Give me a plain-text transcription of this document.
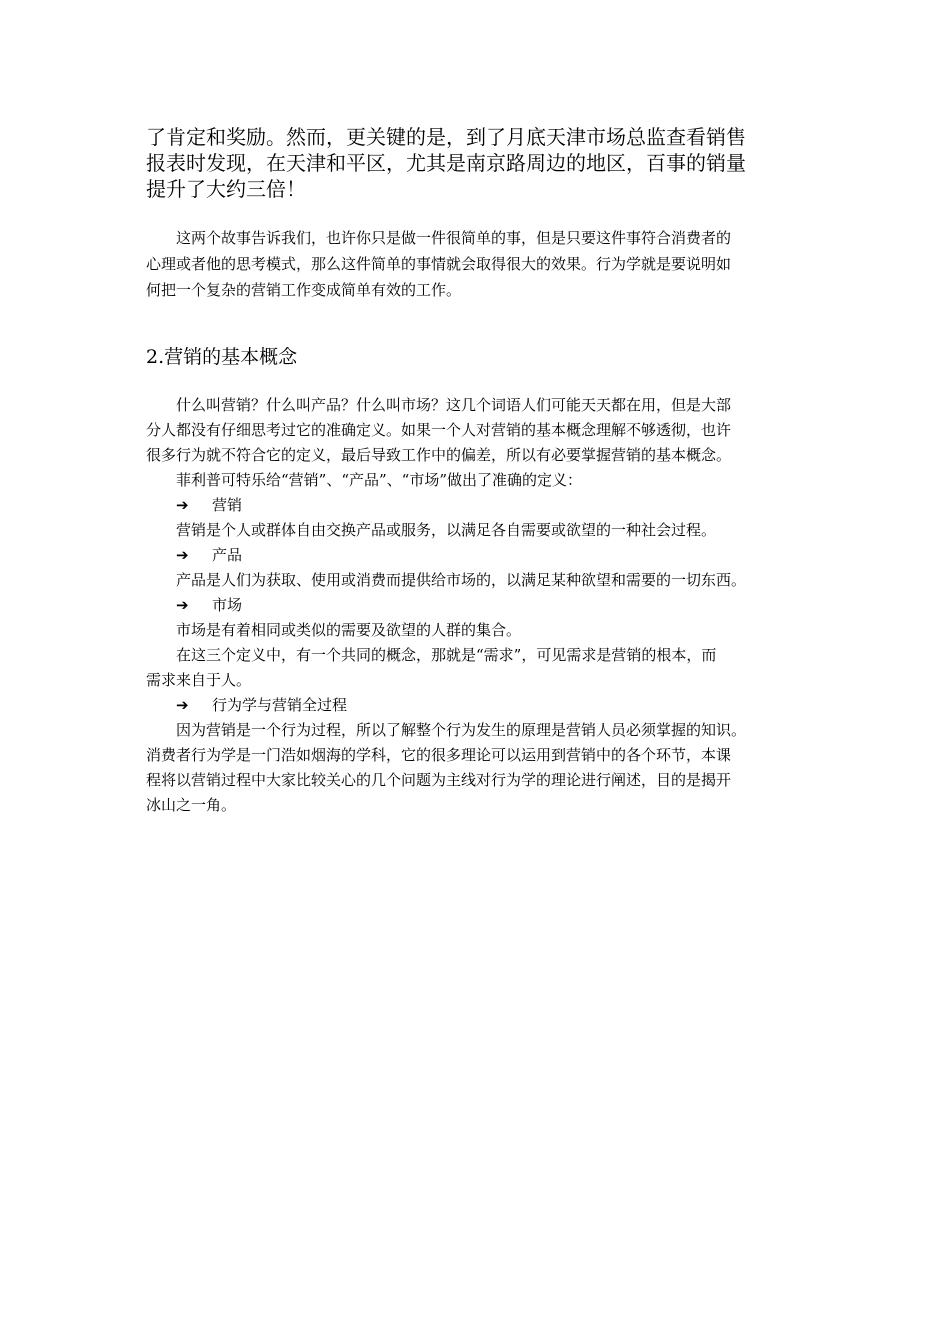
了肯定和奖励。然而，更关键的是，到了月底天津市场总监查看销售
报表时发现，在天津和平区，尤其是南京路周边的地区，百事的销量
提升了大约三倍！

这两个故事告诉我们，也许你只是做一件很简单的事，但是只要这件事符合消费者的
心理或者他的思考模式，那么这件简单的事情就会取得很大的效果。行为学就是要说明如
何把一个复杂的营销工作变成简单有效的工作。

2.营销的基本概念
什么叫营销？什么叫产品？什么叫市场？这几个词语人们可能天天都在用，但是大部
分人都没有仔细思考过它的准确定义。如果一个人对营销的基本概念理解不够透彻，也许
很多行为就不符合它的定义，最后导致工作中的偏差，所以有必要掌握营销的基本概念。
菲利普可特乐给“营销”、“产品”、“市场”做出了准确的定义：
➔ 营销
营销是个人或群体自由交换产品或服务，以满足各自需要或欲望的一种社会过程。
➔ 产品
产品是人们为获取、使用或消费而提供给市场的，以满足某种欲望和需要的一切东西。
➔ 市场
市场是有着相同或类似的需要及欲望的人群的集合。
在这三个定义中，有一个共同的概念，那就是“需求”，可见需求是营销的根本，而
需求来自于人。
➔ 行为学与营销全过程
因为营销是一个行为过程，所以了解整个行为发生的原理是营销人员必须掌握的知识。
消费者行为学是一门浩如烟海的学科，它的很多理论可以运用到营销中的各个环节，本课
程将以营销过程中大家比较关心的几个问题为主线对行为学的理论进行阐述，目的是揭开
冰山之一角。
